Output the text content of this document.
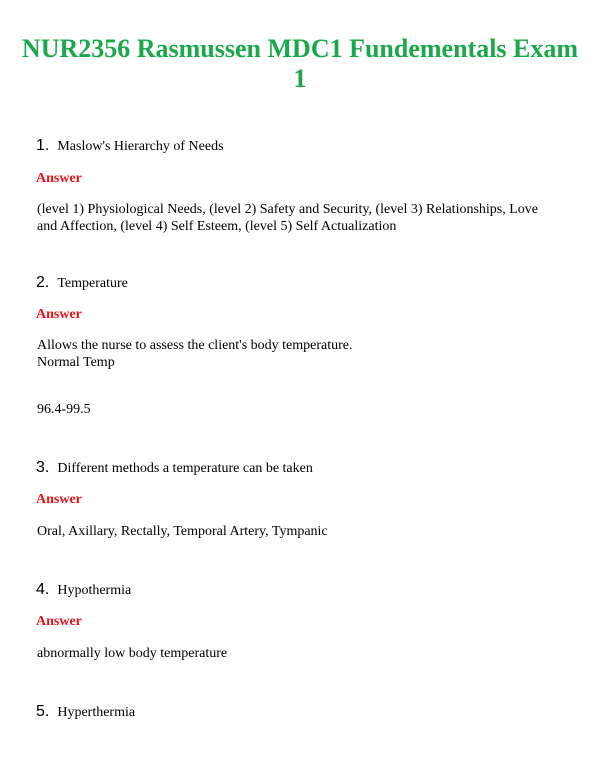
NUR2356 Rasmussen MDC1 Fundementals Exam 1
1. Maslow's Hierarchy of Needs
Answer
(level 1) Physiological Needs, (level 2) Safety and Security, (level 3) Relationships, Love and Affection, (level 4) Self Esteem, (level 5) Self Actualization
2. Temperature
Answer
Allows the nurse to assess the client's body temperature.
Normal Temp
96.4-99.5
3. Different methods a temperature can be taken
Answer
Oral, Axillary, Rectally, Temporal Artery, Tympanic
4. Hypothermia
Answer
abnormally low body temperature
5. Hyperthermia
